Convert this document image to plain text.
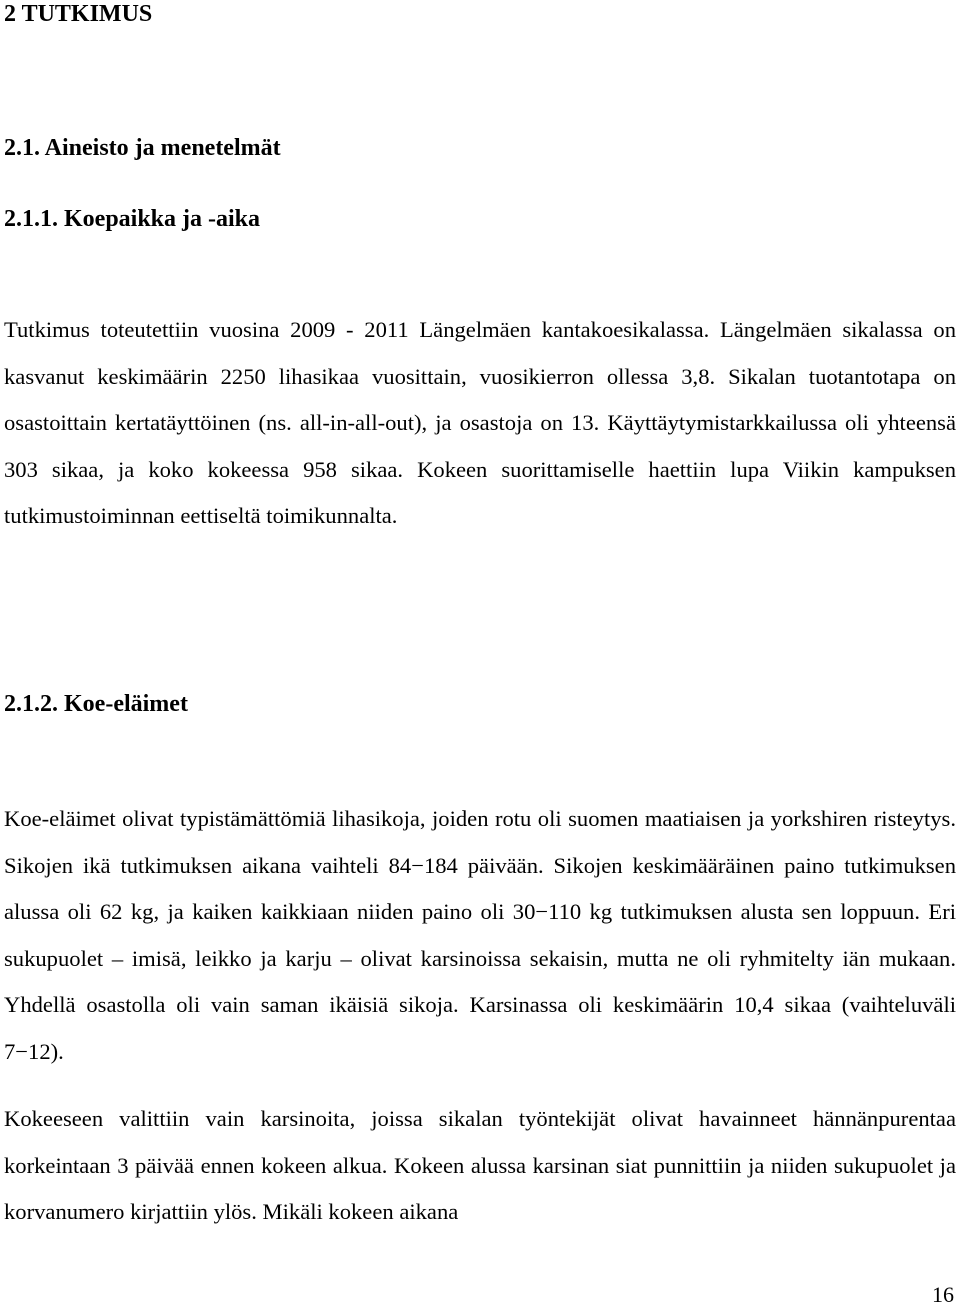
2 TUTKIMUS
2.1. Aineisto ja menetelmät
2.1.1. Koepaikka ja -aika

Tutkimus toteutettiin vuosina 2009 - 2011 Längelmäen kantakoesikalassa. Längelmäen sikalassa on kasvanut keskimäärin 2250 lihasikaa vuosittain, vuosikierron ollessa 3,8. Sikalan tuotantotapa on osastoittain kertatäyttöinen (ns. all-in-all-out), ja osastoja on 13. Käyttäytymistarkkailussa oli yhteensä 303 sikaa, ja koko kokeessa 958 sikaa. Kokeen suorittamiselle haettiin lupa Viikin kampuksen tutkimustoiminnan eettiseltä toimikunnalta.

2.1.2. Koe-eläimet

Koe-eläimet olivat typistämättömiä lihasikoja, joiden rotu oli suomen maatiaisen ja yorkshiren risteytys. Sikojen ikä tutkimuksen aikana vaihteli 84−184 päivään. Sikojen keskimääräinen paino tutkimuksen alussa oli 62 kg, ja kaiken kaikkiaan niiden paino oli 30−110 kg tutkimuksen alusta sen loppuun. Eri sukupuolet – imisä, leikko ja karju – olivat karsinoissa sekaisin, mutta ne oli ryhmitelty iän mukaan. Yhdellä osastolla oli vain saman ikäisiä sikoja. Karsinassa oli keskimäärin 10,4 sikaa (vaihteluväli 7−12).

Kokeeseen valittiin vain karsinoita, joissa sikalan työntekijät olivat havainneet hännänpurentaa korkeintaan 3 päivää ennen kokeen alkua. Kokeen alussa karsinan siat punnittiin ja niiden sukupuolet ja korvanumero kirjattiin ylös. Mikäli kokeen aikana

16
